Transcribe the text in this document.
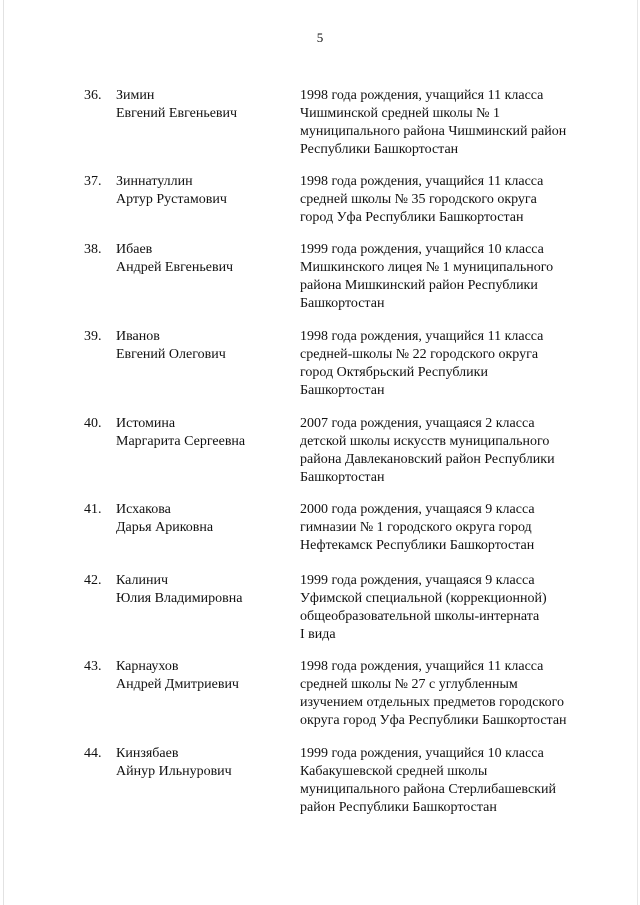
5
36. Зимин
Евгений Евгеньевич
1998 года рождения, учащийся 11 класса
Чишминской средней школы № 1
муниципального района Чишминский район
Республики Башкортостан
37. Зиннатуллин
Артур Рустамович
1998 года рождения, учащийся 11 класса
средней школы № 35 городского округа
город Уфа Республики Башкортостан
38. Ибаев
Андрей Евгеньевич
1999 года рождения, учащийся 10 класса
Мишкинского лицея № 1 муниципального
района Мишкинский район Республики
Башкортостан
39. Иванов
Евгений Олегович
1998 года рождения, учащийся 11 класса
средней-школы № 22 городского округа
город Октябрьский Республики
Башкортостан
40. Истомина
Маргарита Сергеевна
2007 года рождения, учащаяся 2 класса
детской школы искусств муниципального
района Давлекановский район Республики
Башкортостан
41. Исхакова
Дарья Ариковна
2000 года рождения, учащаяся 9 класса
гимназии № 1 городского округа город
Нефтекамск Республики Башкортостан
42. Калинич
Юлия Владимировна
1999 года рождения, учащаяся 9 класса
Уфимской специальной (коррекционной)
общеобразовательной школы-интерната
I вида
43. Карнаухов
Андрей Дмитриевич
1998 года рождения, учащийся 11 класса
средней школы № 27 с углубленным
изучением отдельных предметов городского
округа город Уфа Республики Башкортостан
44. Кинзябаев
Айнур Ильнурович
1999 года рождения, учащийся 10 класса
Кабакушевской средней школы
муниципального района Стерлибашевский
район Республики Башкортостан
